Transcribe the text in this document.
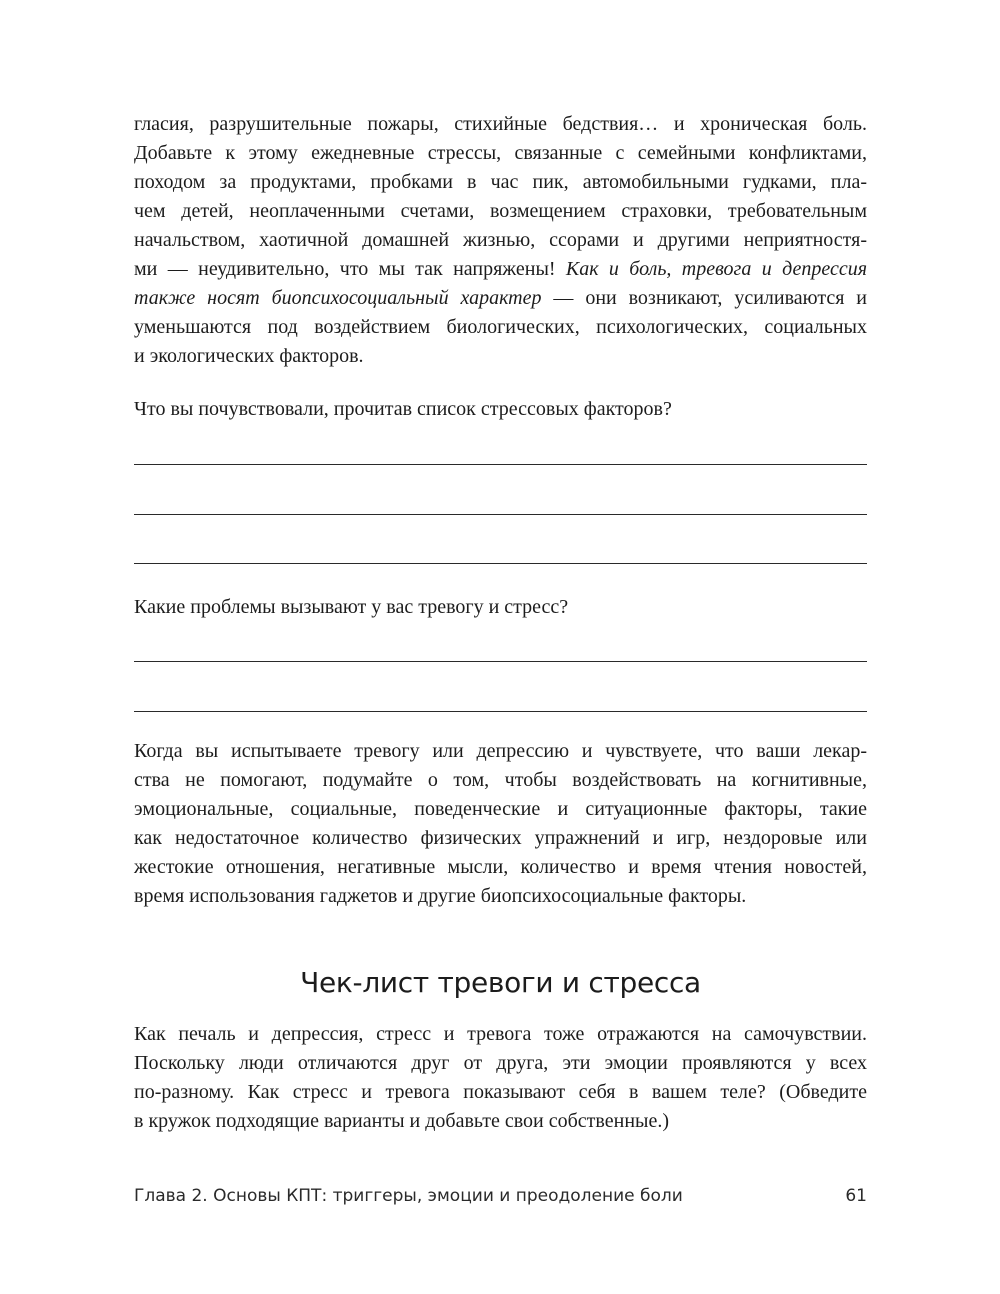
гласия, разрушительные пожары, стихийные бедствия… и хроническая боль.
Добавьте к этому ежедневные стрессы, связанные с семейными конфликтами,
походом за продуктами, пробками в час пик, автомобильными гудками, пла-
чем детей, неоплаченными счетами, возмещением страховки, требовательным
начальством, хаотичной домашней жизнью, ссорами и другими неприятностя-
ми — неудивительно, что мы так напряжены! Как и боль, тревога и депрессия
также носят биопсихосоциальный характер — они возникают, усиливаются и
уменьшаются под воздействием биологических, психологических, социальных
и экологических факторов.
Что вы почувствовали, прочитав список стрессовых факторов?
Какие проблемы вызывают у вас тревогу и стресс?
Когда вы испытываете тревогу или депрессию и чувствуете, что ваши лекар-
ства не помогают, подумайте о том, чтобы воздействовать на когнитивные,
эмоциональные, социальные, поведенческие и ситуационные факторы, такие
как недостаточное количество физических упражнений и игр, нездоровые или
жестокие отношения, негативные мысли, количество и время чтения новостей,
время использования гаджетов и другие биопсихосоциальные факторы.
Чек-лист тревоги и стресса
Как печаль и депрессия, стресс и тревога тоже отражаются на самочувствии.
Поскольку люди отличаются друг от друга, эти эмоции проявляются у всех
по-разному. Как стресс и тревога показывают себя в вашем теле? (Обведите
в кружок подходящие варианты и добавьте свои собственные.)
Глава 2. Основы КПТ: триггеры, эмоции и преодоление боли	61
